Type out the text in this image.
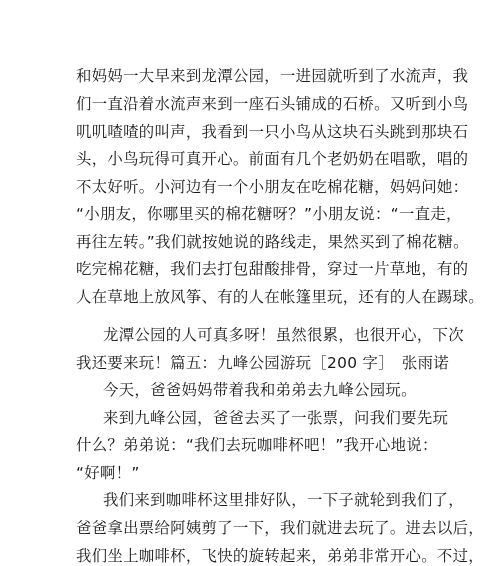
和妈妈一大早来到龙潭公园，一进园就听到了水流声，我
们一直沿着水流声来到一座石头铺成的石桥。又听到小鸟
叽叽喳喳的叫声，我看到一只小鸟从这块石头跳到那块石
头，小鸟玩得可真开心。前面有几个老奶奶在唱歌，唱的
不太好听。小河边有一个小朋友在吃棉花糖，妈妈问她：
“小朋友，你哪里买的棉花糖呀？”小朋友说：“一直走，
再往左转。”我们就按她说的路线走，果然买到了棉花糖。
吃完棉花糖，我们去打包甜酸排骨，穿过一片草地，有的
人在草地上放风筝、有的人在帐篷里玩，还有的人在踢球。
龙潭公园的人可真多呀！虽然很累，也很开心，下次
我还要来玩！篇五：九峰公园游玩［200 字］　张雨诺
今天，爸爸妈妈带着我和弟弟去九峰公园玩。
来到九峰公园，爸爸去买了一张票，问我们要先玩
什么？弟弟说：“我们去玩咖啡杯吧！”我开心地说：
“好啊！”
我们来到咖啡杯这里排好队，一下子就轮到我们了，
爸爸拿出票给阿姨剪了一下，我们就进去玩了。进去以后，
我们坐上咖啡杯，飞快的旋转起来，弟弟非常开心。不过，
